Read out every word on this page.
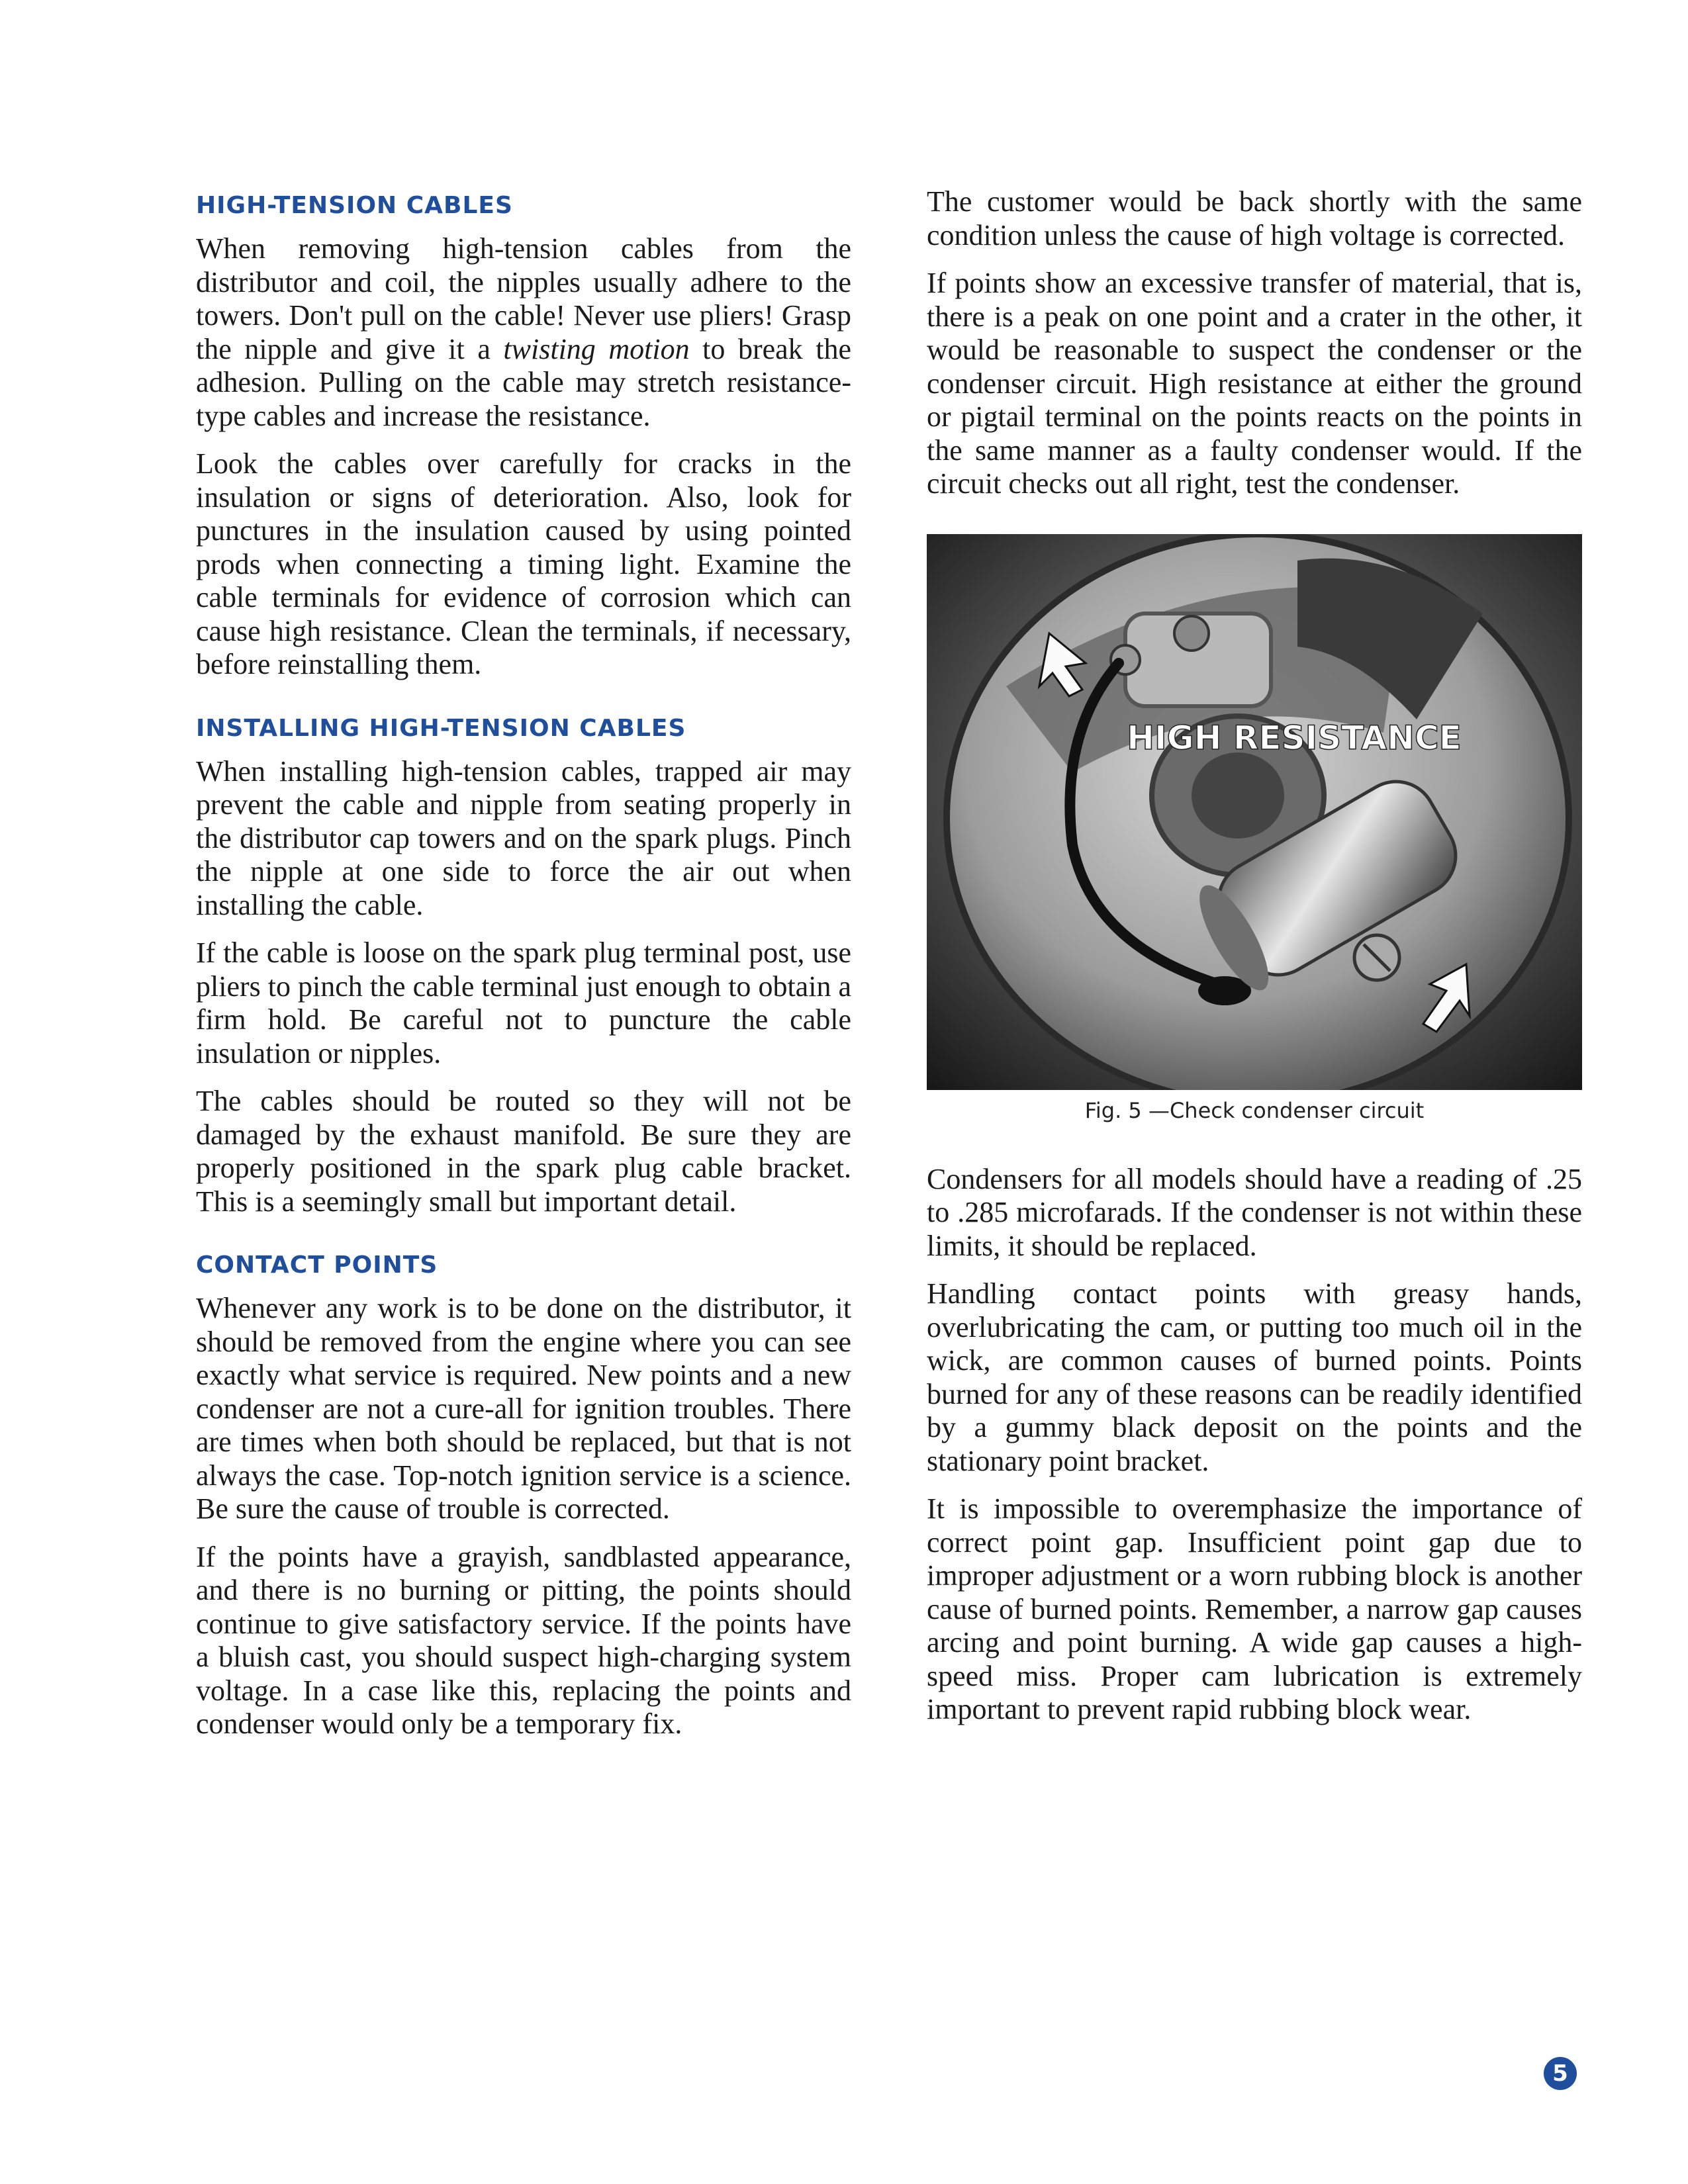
HIGH-TENSION CABLES

When removing high-tension cables from the distributor and coil, the nipples usually adhere to the towers. Don't pull on the cable! Never use pliers! Grasp the nipple and give it a twisting motion to break the adhesion. Pulling on the cable may stretch resistance-type cables and increase the resistance.

Look the cables over carefully for cracks in the insulation or signs of deterioration. Also, look for punctures in the insulation caused by using pointed prods when connecting a timing light. Examine the cable terminals for evidence of corrosion which can cause high resistance. Clean the terminals, if necessary, before reinstalling them.

INSTALLING HIGH-TENSION CABLES

When installing high-tension cables, trapped air may prevent the cable and nipple from seating properly in the distributor cap towers and on the spark plugs. Pinch the nipple at one side to force the air out when installing the cable.

If the cable is loose on the spark plug terminal post, use pliers to pinch the cable terminal just enough to obtain a firm hold. Be careful not to puncture the cable insulation or nipples.

The cables should be routed so they will not be damaged by the exhaust manifold. Be sure they are properly positioned in the spark plug cable bracket. This is a seemingly small but important detail.

CONTACT POINTS

Whenever any work is to be done on the distributor, it should be removed from the engine where you can see exactly what service is required. New points and a new condenser are not a cure-all for ignition troubles. There are times when both should be replaced, but that is not always the case. Top-notch ignition service is a science. Be sure the cause of trouble is corrected.

If the points have a grayish, sandblasted appearance, and there is no burning or pitting, the points should continue to give satisfactory service. If the points have a bluish cast, you should suspect high-charging system voltage. In a case like this, replacing the points and condenser would only be a temporary fix.

The customer would be back shortly with the same condition unless the cause of high voltage is corrected.

If points show an excessive transfer of material, that is, there is a peak on one point and a crater in the other, it would be reasonable to suspect the condenser or the condenser circuit. High resistance at either the ground or pigtail terminal on the points reacts on the points in the same manner as a faulty condenser would. If the circuit checks out all right, test the condenser.

HIGH RESISTANCE
Fig. 5 —Check condenser circuit

Condensers for all models should have a reading of .25 to .285 microfarads. If the condenser is not within these limits, it should be replaced.

Handling contact points with greasy hands, overlubricating the cam, or putting too much oil in the wick, are common causes of burned points. Points burned for any of these reasons can be readily identified by a gummy black deposit on the points and the stationary point bracket.

It is impossible to overemphasize the importance of correct point gap. Insufficient point gap due to improper adjustment or a worn rubbing block is another cause of burned points. Remember, a narrow gap causes arcing and point burning. A wide gap causes a high-speed miss. Proper cam lubrication is extremely important to prevent rapid rubbing block wear.

5
